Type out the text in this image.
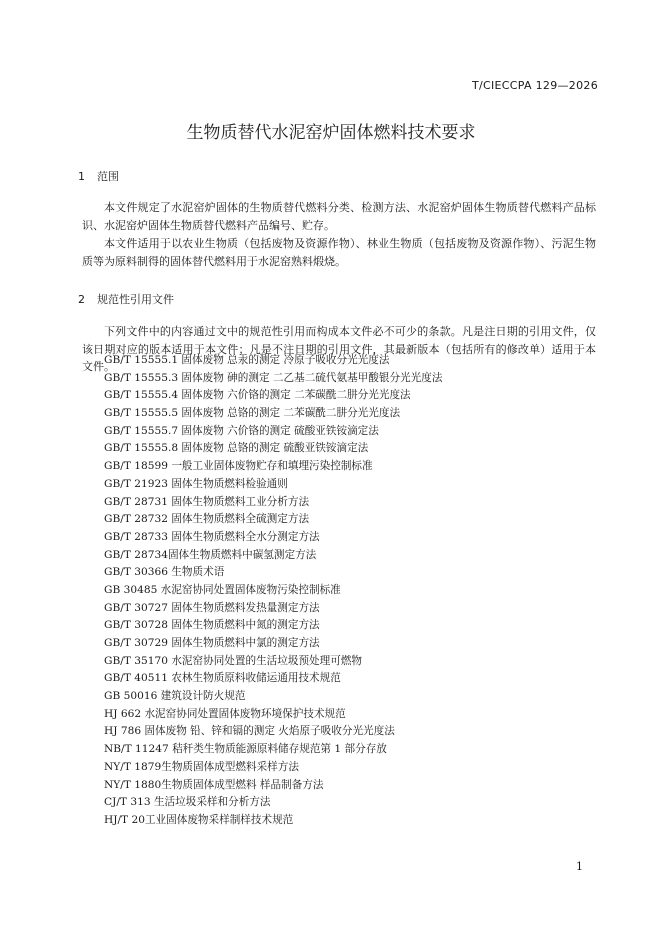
T/CIECCPA 129—2026
生物质替代水泥窑炉固体燃料技术要求
1 范围

本文件规定了水泥窑炉固体的生物质替代燃料分类、检测方法、水泥窑炉固体生物质替代燃料产品标识、水泥窑炉固体生物质替代燃料产品编号、贮存。

本文件适用于以农业生物质（包括废物及资源作物）、林业生物质（包括废物及资源作物）、污泥生物质等为原料制得的固体替代燃料用于水泥窑熟料煅烧。

2 规范性引用文件

下列文件中的内容通过文中的规范性引用而构成本文件必不可少的条款。凡是注日期的引用文件，仅该日期对应的版本适用于本文件；凡是不注日期的引用文件，其最新版本（包括所有的修改单）适用于本文件。

GB/T 15555.1 固体废物 总汞的测定 冷原子吸收分光光度法
GB/T 15555.3 固体废物 砷的测定 二乙基二硫代氨基甲酸银分光光度法
GB/T 15555.4 固体废物 六价铬的测定 二苯碳酰二肼分光光度法
GB/T 15555.5 固体废物 总铬的测定 二苯碳酰二肼分光光度法
GB/T 15555.7 固体废物 六价铬的测定 硫酸亚铁铵滴定法
GB/T 15555.8 固体废物 总铬的测定 硫酸亚铁铵滴定法
GB/T 18599 一般工业固体废物贮存和填埋污染控制标准
GB/T 21923 固体生物质燃料检验通则
GB/T 28731 固体生物质燃料工业分析方法
GB/T 28732 固体生物质燃料全硫测定方法
GB/T 28733 固体生物质燃料全水分测定方法
GB/T 28734固体生物质燃料中碳氢测定方法
GB/T 30366 生物质术语
GB 30485 水泥窑协同处置固体废物污染控制标准
GB/T 30727 固体生物质燃料发热量测定方法
GB/T 30728 固体生物质燃料中氮的测定方法
GB/T 30729 固体生物质燃料中氯的测定方法
GB/T 35170 水泥窑协同处置的生活垃圾预处理可燃物
GB/T 40511 农林生物质原料收储运通用技术规范
GB 50016 建筑设计防火规范
HJ 662 水泥窑协同处置固体废物环境保护技术规范
HJ 786 固体废物 铅、锌和镉的测定 火焰原子吸收分光光度法
NB/T 11247 秸秆类生物质能源原料储存规范第 1 部分存放
NY/T 1879生物质固体成型燃料采样方法
NY/T 1880生物质固体成型燃料 样品制备方法
CJ/T 313 生活垃圾采样和分析方法
HJ/T 20工业固体废物采样制样技术规范
1
